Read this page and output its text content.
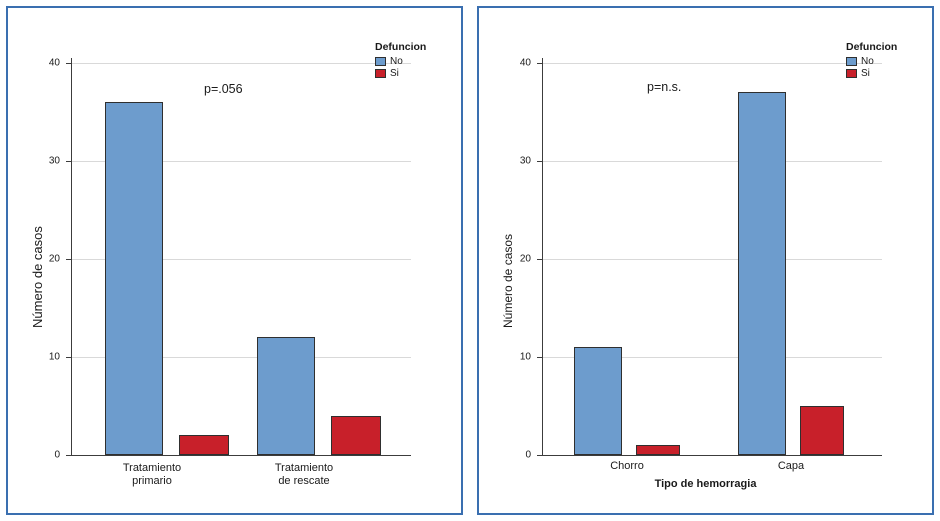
40
30
20
10
0
Número de casos
Tratamiento
primario
Tratamiento
de rescate
p=.056
Defuncion
No
Si
40
30
20
10
0
Número de casos
Chorro	Capa
Tipo de hemorragia
p=n.s.
Defuncion
No
Si
